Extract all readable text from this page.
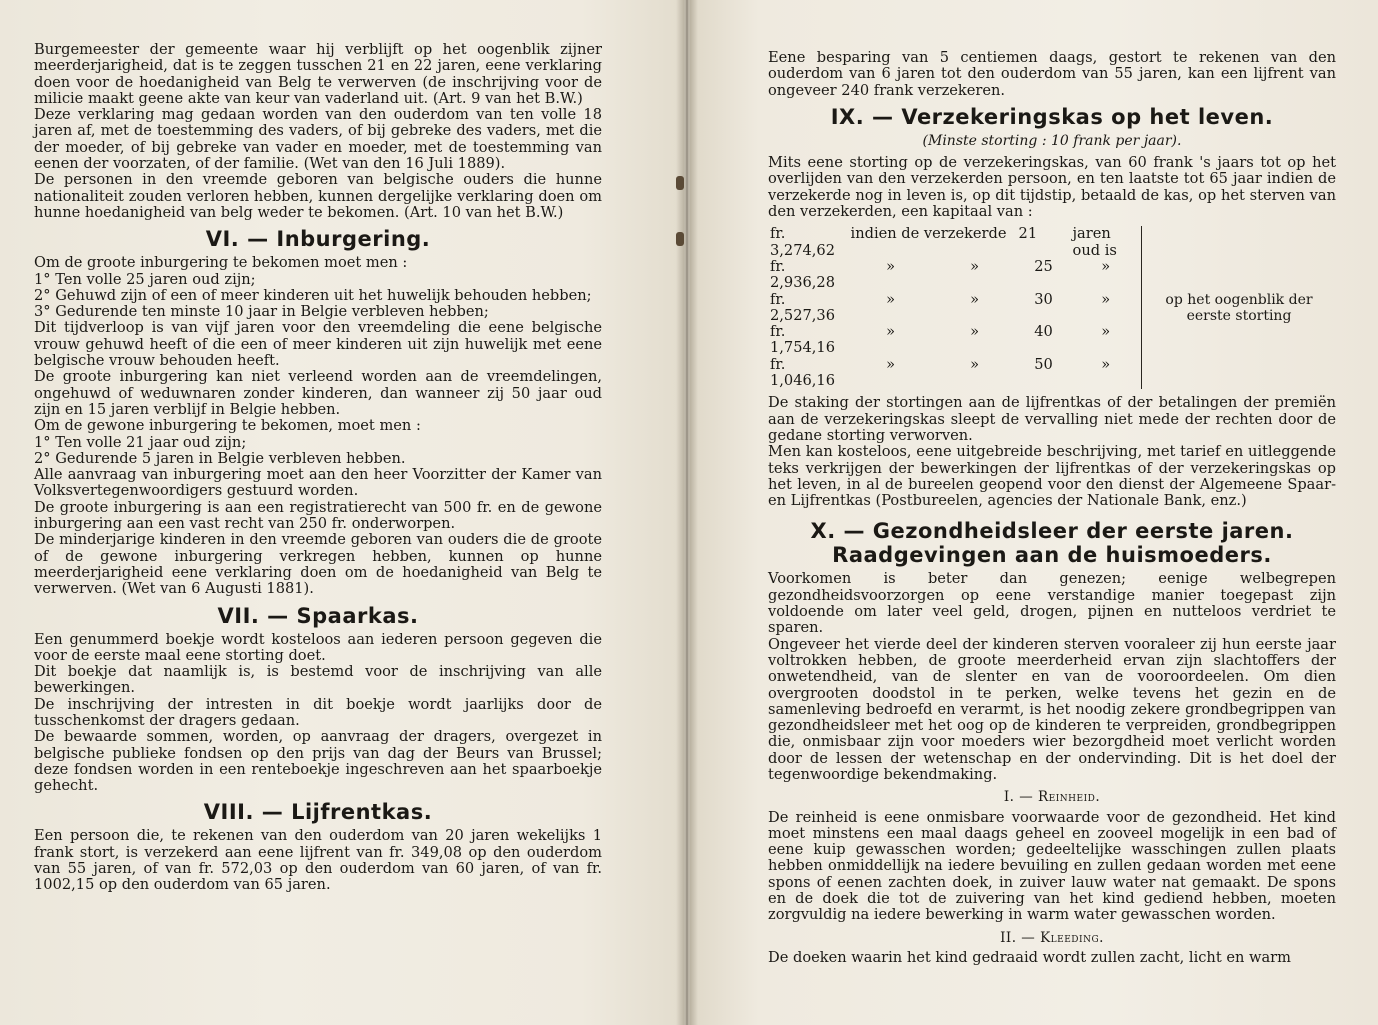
Burgemeester der gemeente waar hij verblijft op het oogenblik zijner meerderjarigheid, dat is te zeggen tusschen 21 en 22 jaren, eene verklaring doen voor de hoedanigheid van Belg te verwerven (de inschrijving voor de milicie maakt geene akte van keur van vaderland uit. (Art. 9 van het B.W.)

Deze verklaring mag gedaan worden van den ouderdom van ten volle 18 jaren af, met de toestemming des vaders, of bij gebreke des vaders, met die der moeder, of bij gebreke van vader en moeder, met de toestemming van eenen der voorzaten, of der familie. (Wet van den 16 Juli 1889).

De personen in den vreemde geboren van belgische ouders die hunne nationaliteit zouden verloren hebben, kunnen dergelijke verklaring doen om hunne hoedanigheid van belg weder te bekomen. (Art. 10 van het B.W.)

VI. — Inburgering.

Om de groote inburgering te bekomen moet men :

1° Ten volle 25 jaren oud zijn;

2° Gehuwd zijn of een of meer kinderen uit het huwelijk behouden hebben;

3° Gedurende ten minste 10 jaar in Belgie verbleven hebben;

Dit tijdverloop is van vijf jaren voor den vreemdeling die eene belgische vrouw gehuwd heeft of die een of meer kinderen uit zijn huwelijk met eene belgische vrouw behouden heeft.

De groote inburgering kan niet verleend worden aan de vreemdelingen, ongehuwd of weduwnaren zonder kinderen, dan wanneer zij 50 jaar oud zijn en 15 jaren verblijf in Belgie hebben.

Om de gewone inburgering te bekomen, moet men :

1° Ten volle 21 jaar oud zijn;

2° Gedurende 5 jaren in Belgie verbleven hebben.

Alle aanvraag van inburgering moet aan den heer Voorzitter der Kamer van Volksvertegenwoordigers gestuurd worden.

De groote inburgering is aan een registratierecht van 500 fr. en de gewone inburgering aan een vast recht van 250 fr. onderworpen.

De minderjarige kinderen in den vreemde geboren van ouders die de groote of de gewone inburgering verkregen hebben, kunnen op hunne meerderjarigheid eene verklaring doen om de hoedanigheid van Belg te verwerven. (Wet van 6 Augusti 1881).

VII. — Spaarkas.

Een genummerd boekje wordt kosteloos aan iederen persoon gegeven die voor de eerste maal eene storting doet.

Dit boekje dat naamlijk is, is bestemd voor de inschrijving van alle bewerkingen.

De inschrijving der intresten in dit boekje wordt jaarlijks door de tusschenkomst der dragers gedaan.

De bewaarde sommen, worden, op aanvraag der dragers, overgezet in belgische publieke fondsen op den prijs van dag der Beurs van Brussel; deze fondsen worden in een renteboekje ingeschreven aan het spaarboekje gehecht.

VIII. — Lijfrentkas.

Een persoon die, te rekenen van den ouderdom van 20 jaren wekelijks 1 frank stort, is verzekerd aan eene lijfrent van fr. 349,08 op den ouderdom van 55 jaren, of van fr. 572,03 op den ouderdom van 60 jaren, of van fr. 1002,15 op den ouderdom van 65 jaren.

Eene besparing van 5 centiemen daags, gestort te rekenen van den ouderdom van 6 jaren tot den ouderdom van 55 jaren, kan een lijfrent van ongeveer 240 frank verzekeren.

IX. — Verzekeringskas op het leven.
(Minste storting : 10 frank per jaar).

Mits eene storting op de verzekeringskas, van 60 frank 's jaars tot op het overlijden van den verzekerden persoon, en ten laatste tot 65 jaar indien de verzekerde nog in leven is, op dit tijdstip, betaald de kas, op het sterven van den verzekerden, een kapitaal van :

fr. 3,274,62	indien de verzekerde		21	jaren oud is	op het oogenblik der
eerste storting

fr. 2,936,28	»	»	25	»	
fr. 2,527,36	»	»	30	»	
fr. 1,754,16	»	»	40	»	
fr. 1,046,16	»	»	50	»	

De staking der stortingen aan de lijfrentkas of der betalingen der premiën aan de verzekeringskas sleept de vervalling niet mede der rechten door de gedane storting verworven.

Men kan kosteloos, eene uitgebreide beschrijving, met tarief en uitleggende teks verkrijgen der bewerkingen der lijfrentkas of der verzekeringskas op het leven, in al de bureelen geopend voor den dienst der Algemeene Spaar- en Lijfrentkas (Postbureelen, agencies der Nationale Bank, enz.)

X. — Gezondheidsleer der eerste jaren.
Raadgevingen aan de huismoeders.

Voorkomen is beter dan genezen; eenige welbegrepen gezondheidsvoorzorgen op eene verstandige manier toegepast zijn voldoende om later veel geld, drogen, pijnen en nutteloos verdriet te sparen.

Ongeveer het vierde deel der kinderen sterven vooraleer zij hun eerste jaar voltrokken hebben, de groote meerderheid ervan zijn slachtoffers der onwetendheid, van de slenter en van de vooroordeelen. Om dien overgrooten doodstol in te perken, welke tevens het gezin en de samenleving bedroefd en verarmt, is het noodig zekere grondbegrippen van gezondheidsleer met het oog op de kinderen te verpreiden, grondbegrippen die, onmisbaar zijn voor moeders wier bezorgdheid moet verlicht worden door de lessen der wetenschap en der ondervinding. Dit is het doel der tegenwoordige bekendmaking.

I. — Reinheid.

De reinheid is eene onmisbare voorwaarde voor de gezondheid. Het kind moet minstens een maal daags geheel en zooveel mogelijk in een bad of eene kuip gewasschen worden; gedeeltelijke wasschingen zullen plaats hebben onmiddellijk na iedere bevuiling en zullen gedaan worden met eene spons of eenen zachten doek, in zuiver lauw water nat gemaakt. De spons en de doek die tot de zuivering van het kind gediend hebben, moeten zorgvuldig na iedere bewerking in warm water gewasschen worden.

II. — Kleeding.

De doeken waarin het kind gedraaid wordt zullen zacht, licht en warm
